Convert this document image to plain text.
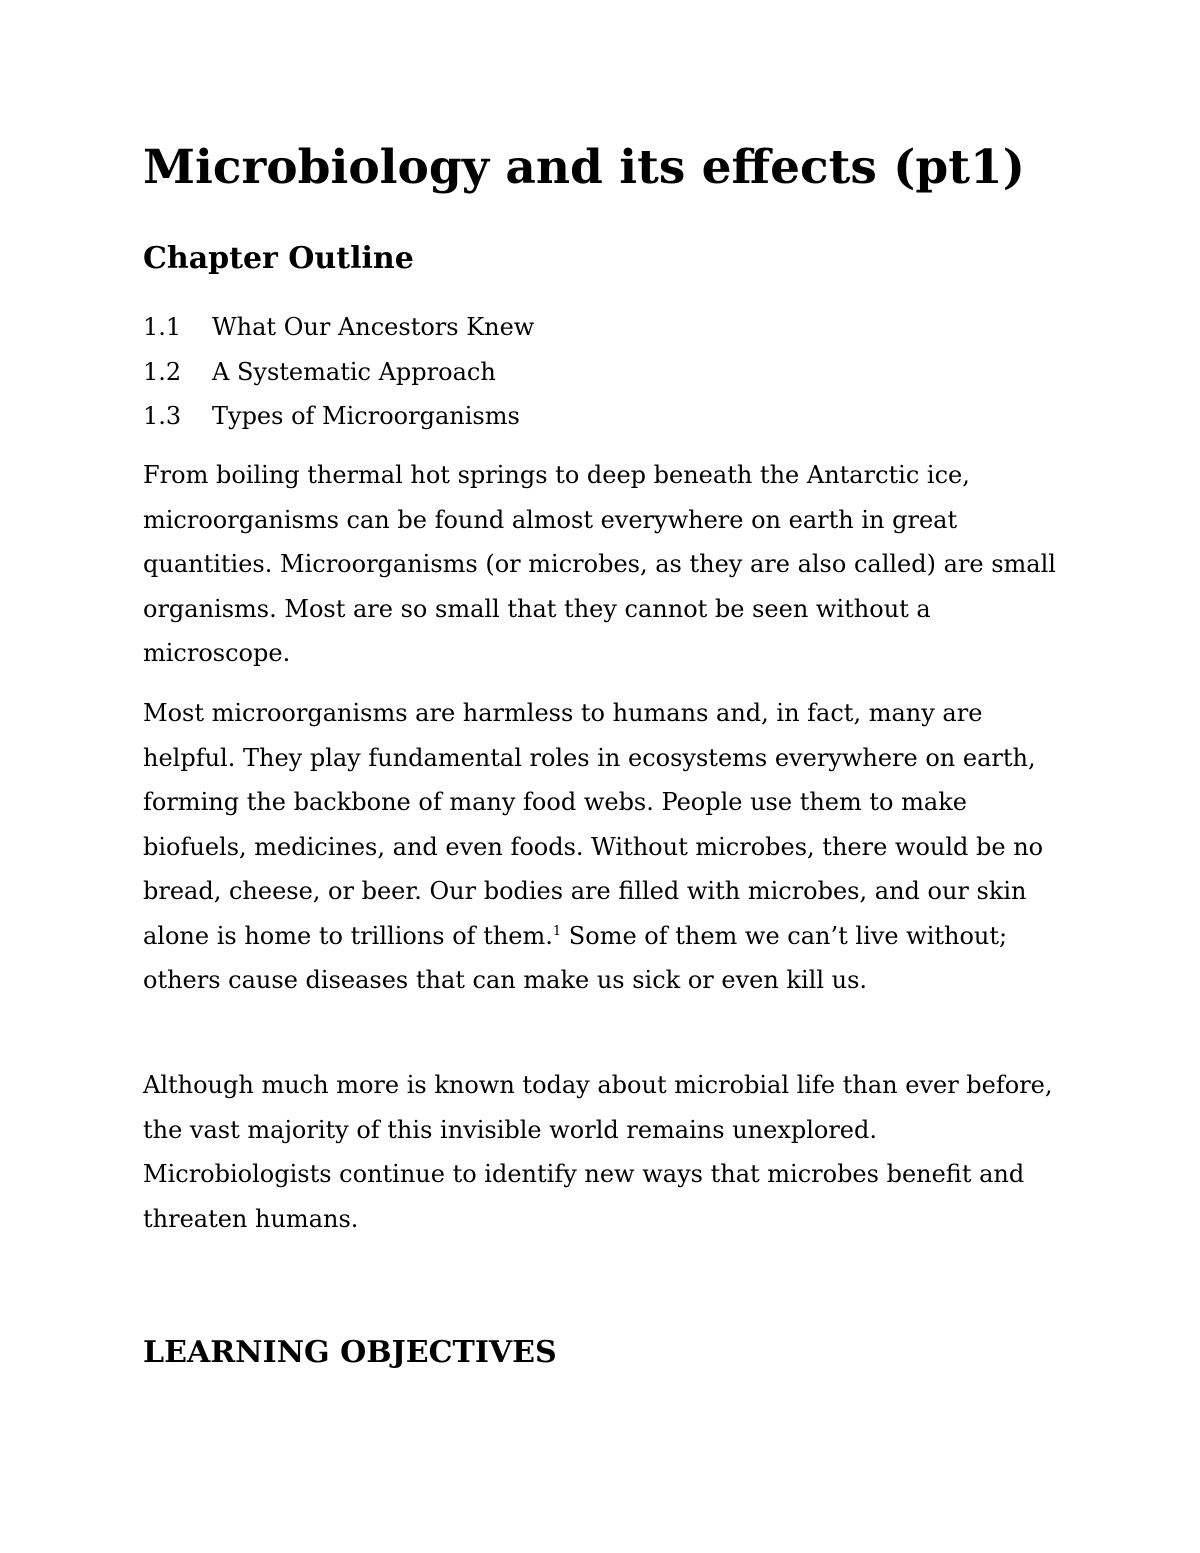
Microbiology and its effects (pt1)
Chapter Outline
1.1 What Our Ancestors Knew
1.2 A Systematic Approach
1.3 Types of Microorganisms

From boiling thermal hot springs to deep beneath the Antarctic ice, microorganisms can be found almost everywhere on earth in great quantities. Microorganisms (or microbes, as they are also called) are small organisms. Most are so small that they cannot be seen without a microscope.

Most microorganisms are harmless to humans and, in fact, many are helpful. They play fundamental roles in ecosystems everywhere on earth, forming the backbone of many food webs. People use them to make biofuels, medicines, and even foods. Without microbes, there would be no bread, cheese, or beer. Our bodies are filled with microbes, and our skin alone is home to trillions of them.$^1$ Some of them we can’t live without; others cause diseases that can make us sick or even kill us.

Although much more is known today about microbial life than ever before, the vast majority of this invisible world remains unexplored. Microbiologists continue to identify new ways that microbes benefit and threaten humans.

LEARNING OBJECTIVES
